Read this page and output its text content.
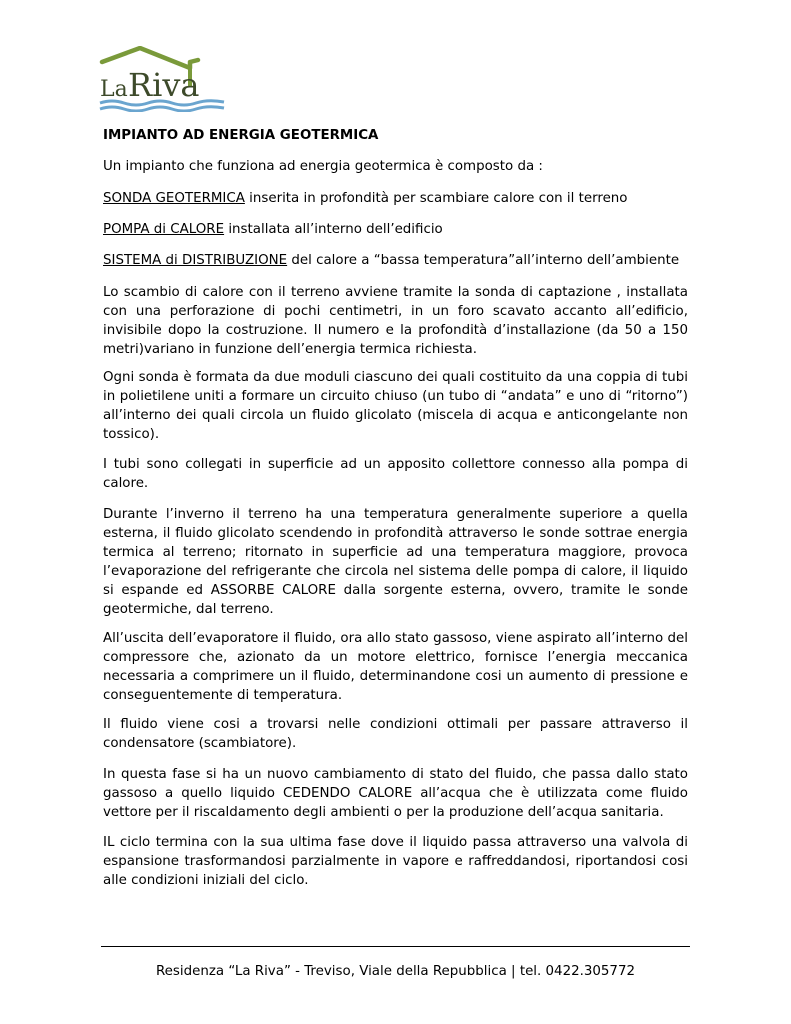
La Riva

IMPIANTO AD ENERGIA GEOTERMICA

Un impianto che funziona ad energia geotermica è composto da :

SONDA GEOTERMICA inserita in profondità per scambiare calore con il terreno

POMPA di CALORE installata all’interno dell’edificio

SISTEMA di DISTRIBUZIONE del calore a “bassa temperatura”all’interno dell’ambiente

Lo scambio di calore con il terreno avviene tramite la sonda di captazione , installata con una perforazione di pochi centimetri, in un foro scavato accanto all’edificio, invisibile dopo la costruzione. Il numero e la profondità d’installazione (da 50 a 150 metri)variano in funzione dell’energia termica richiesta.

Ogni sonda è formata da due moduli ciascuno dei quali costituito da una coppia di tubi in polietilene uniti a formare un circuito chiuso (un tubo di “andata” e uno di “ritorno”) all’interno dei quali circola un fluido glicolato (miscela di acqua e anticongelante non tossico).

I tubi sono collegati in superficie ad un apposito collettore connesso alla pompa di calore.

Durante l’inverno il terreno ha una temperatura generalmente superiore a quella esterna, il fluido glicolato scendendo in profondità attraverso le sonde sottrae energia termica al terreno; ritornato in superficie ad una temperatura maggiore, provoca l’evaporazione del refrigerante che circola nel sistema delle pompa di calore, il liquido si espande ed ASSORBE CALORE dalla sorgente esterna, ovvero, tramite le sonde geotermiche, dal terreno.

All’uscita dell’evaporatore il fluido, ora allo stato gassoso, viene aspirato all’interno del compressore che, azionato da un motore elettrico, fornisce l’energia meccanica necessaria a comprimere un il fluido, determinandone cosi un aumento di pressione e conseguentemente di temperatura.

Il fluido viene cosi a trovarsi nelle condizioni ottimali per passare attraverso il condensatore (scambiatore).

In questa fase si ha un nuovo cambiamento di stato del fluido, che passa dallo stato gassoso a quello liquido CEDENDO CALORE all’acqua che è utilizzata come fluido vettore per il riscaldamento degli ambienti o per la produzione dell’acqua sanitaria.

IL ciclo termina con la sua ultima fase dove il liquido passa attraverso una valvola di espansione trasformandosi parzialmente in vapore e raffreddandosi, riportandosi cosi alle condizioni iniziali del ciclo.

Residenza “La Riva” - Treviso, Viale della Repubblica | tel. 0422.305772
